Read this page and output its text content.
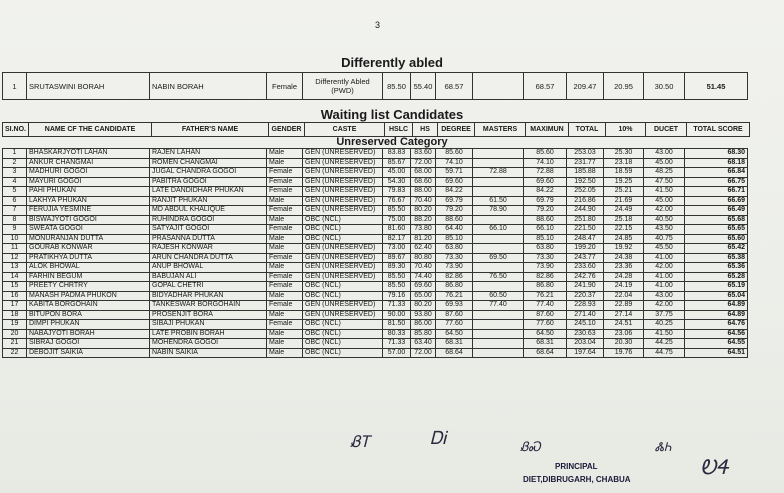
3
Differently abled
1	SRUTASWINI BORAH	NABIN BORAH	Female	Differently Abled (PWD)	85.50	55.40	68.57		68.57	209.47	20.95	30.50	51.45
Waiting list Candidates
SI.NO.	NAME CF THE CANDIDATE	FATHER'S NAME	GENDER	CASTE	HSLC	HS	DEGREE	MASTERS	MAXIMUN	TOTAL	10%	DUCET	TOTAL SCORE
Unreserved Category
1	BHASKARJYOTI LAHAN	RAJEN LAHAN	Male	GEN (UNRESERVED)	83.83	83.60	85.60		85.60	253.03	25.30	43.00	68.30
2	ANKUR CHANGMAI	ROMEN CHANGMAI	Male	GEN (UNRESERVED)	85.67	72.00	74.10		74.10	231.77	23.18	45.00	68.18
3	MADHURI GOGOI	JUGAL CHANDRA GOGOI	Female	GEN (UNRESERVED)	45.00	68.00	59.71	72.88	72.88	185.88	18.59	48.25	66.84
4	MAYURI GOGOI	PABITRA GOGOI	Female	GEN (UNRESERVED)	54.30	68.60	69.60		69.60	192.50	19.25	47.50	66.75
5	PAHI PHUKAN	LATE DANDIDHAR PHUKAN	Female	GEN (UNRESERVED)	79.83	88.00	84.22		84.22	252.05	25.21	41.50	66.71
6	LAKHYA PHUKAN	RANJIT PHUKAN	Male	GEN (UNRESERVED)	76.67	70.40	69.79	61.50	69.79	216.86	21.69	45.00	66.69
7	FERUJIA YESMINE	MD ABDUL KHALIQUE	Female	GEN (UNRESERVED)	85.50	80.20	79.20	78.90	79.20	244.90	24.49	42.00	66.49
8	BISWAJYOTI GOGOI	RUHINDRA GOGOI	Male	OBC (NCL)	75.00	88.20	88.60		88.60	251.80	25.18	40.50	65.68
9	SWEATA GOGOI	SATYAJIT GOGOI	Female	OBC (NCL)	81.60	73.80	64.40	66.10	66.10	221.50	22.15	43.50	65.65
10	MONURANJAN DUTTA	PRASANNA DUTTA	Male	OBC (NCL)	82.17	81.20	85.10		85.10	248.47	24.85	40.75	65.60
11	GOURAB KONWAR	RAJESH KONWAR	Male	GEN (UNRESERVED)	73.00	62.40	63.80		63.80	199.20	19.92	45.50	65.42
12	PRATIKHYA DUTTA	ARUN CHANDRA DUTTA	Female	GEN (UNRESERVED)	89.67	80.80	73.30	69.50	73.30	243.77	24.38	41.00	65.38
13	ALOK BHOWAL	ANUP BHOWAL	Male	GEN (UNRESERVED)	89.30	70.40	73.90		73.90	233.60	23.36	42.00	65.36
14	FARHIN BEGUM	BABUJAN ALI	Female	GEN (UNRESERVED)	85.50	74.40	82.86	76.50	82.86	242.76	24.28	41.00	65.28
15	PREETY CHRTRY	GOPAL CHETRI	Female	OBC (NCL)	85.50	69.60	86.80		86.80	241.90	24.19	41.00	65.19
16	MANASH PADMA PHUKON	BIDYADHAR PHUKAN	Male	OBC (NCL)	79.16	65.00	76.21	60.50	76.21	220.37	22.04	43.00	65.04
17	KABITA BORGOHAIN	TANKESWAR BORGOHAIN	Female	GEN (UNRESERVED)	71.33	80.20	69.93	77.40	77.40	228.93	22.89	42.00	64.89
18	BITUPON BORA	PROSENJIT BORA	Male	GEN (UNRESERVED)	90.00	93.80	87.60		87.60	271.40	27.14	37.75	64.89
19	DIMPI PHUKAN	SIBAJI PHUKAN	Female	OBC (NCL)	81.50	86.00	77.60		77.60	245.10	24.51	40.25	64.76
20	NABAJYOTI BORAH	LATE PROBIN BORAH	Male	OBC (NCL)	80.33	85.80	64.50		64.50	230.63	23.06	41.50	64.56
21	SIBRAJ GOGOI	MOHENDRA GOGOI	Male	OBC (NCL)	71.33	63.40	68.31		68.31	203.04	20.30	44.25	64.55
22	DEBOJIT SAIKIA	NABIN SAIKIA	Male	OBC (NCL)	57.00	72.00	68.64		68.64	197.64	19.76	44.75	64.51
ᏰᎢ	ᎠᎥ	ᏰᏍ	ᏜᏂ
ᎧᏎ
PRINCIPAL
DIET,DIBRUGARH, CHABUA
